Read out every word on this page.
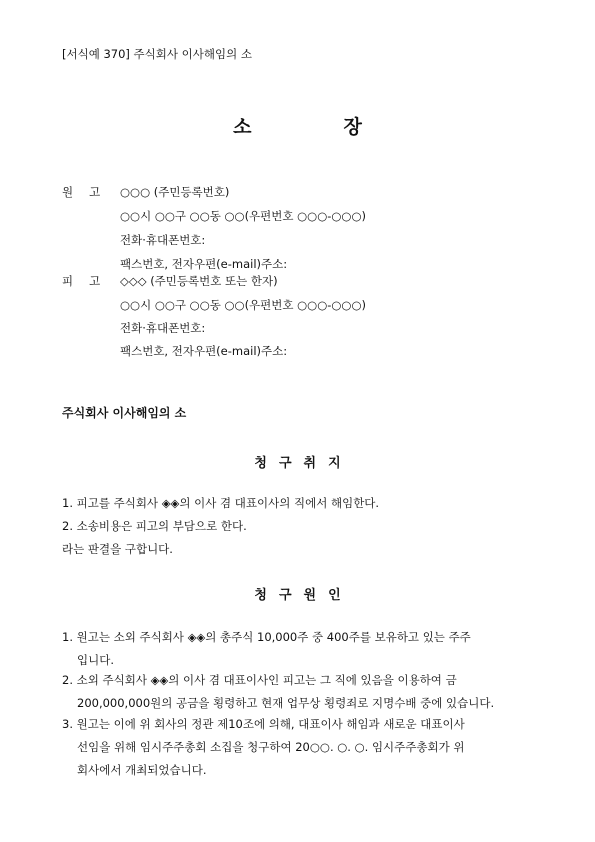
[서식예 370] 주식회사 이사해임의 소
소	장
원 고 ○○○ (주민등록번호)
○○시 ○○구 ○○동 ○○(우편번호 ○○○-○○○)
전화·휴대폰번호:
팩스번호, 전자우편(e-mail)주소:
피 고 ◇◇◇ (주민등록번호 또는 한자)
○○시 ○○구 ○○동 ○○(우편번호 ○○○-○○○)
전화·휴대폰번호:
팩스번호, 전자우편(e-mail)주소:
주식회사 이사해임의 소
청 구 취 지
1. 피고를 주식회사 ◈◈의 이사 겸 대표이사의 직에서 해임한다.
2. 소송비용은 피고의 부담으로 한다.
라는 판결을 구합니다.
청 구 원 인
1. 원고는 소외 주식회사 ◈◈의 총주식 10,000주 중 400주를 보유하고 있는 주주
입니다.
2. 소외 주식회사 ◈◈의 이사 겸 대표이사인 피고는 그 직에 있음을 이용하여 금
200,000,000원의 공금을 횡령하고 현재 업무상 횡령죄로 지명수배 중에 있습니다.
3. 원고는 이에 위 회사의 정관 제10조에 의해, 대표이사 해임과 새로운 대표이사
선임을 위해 임시주주총회 소집을 청구하여 20○○. ○. ○. 임시주주총회가 위
회사에서 개최되었습니다.
